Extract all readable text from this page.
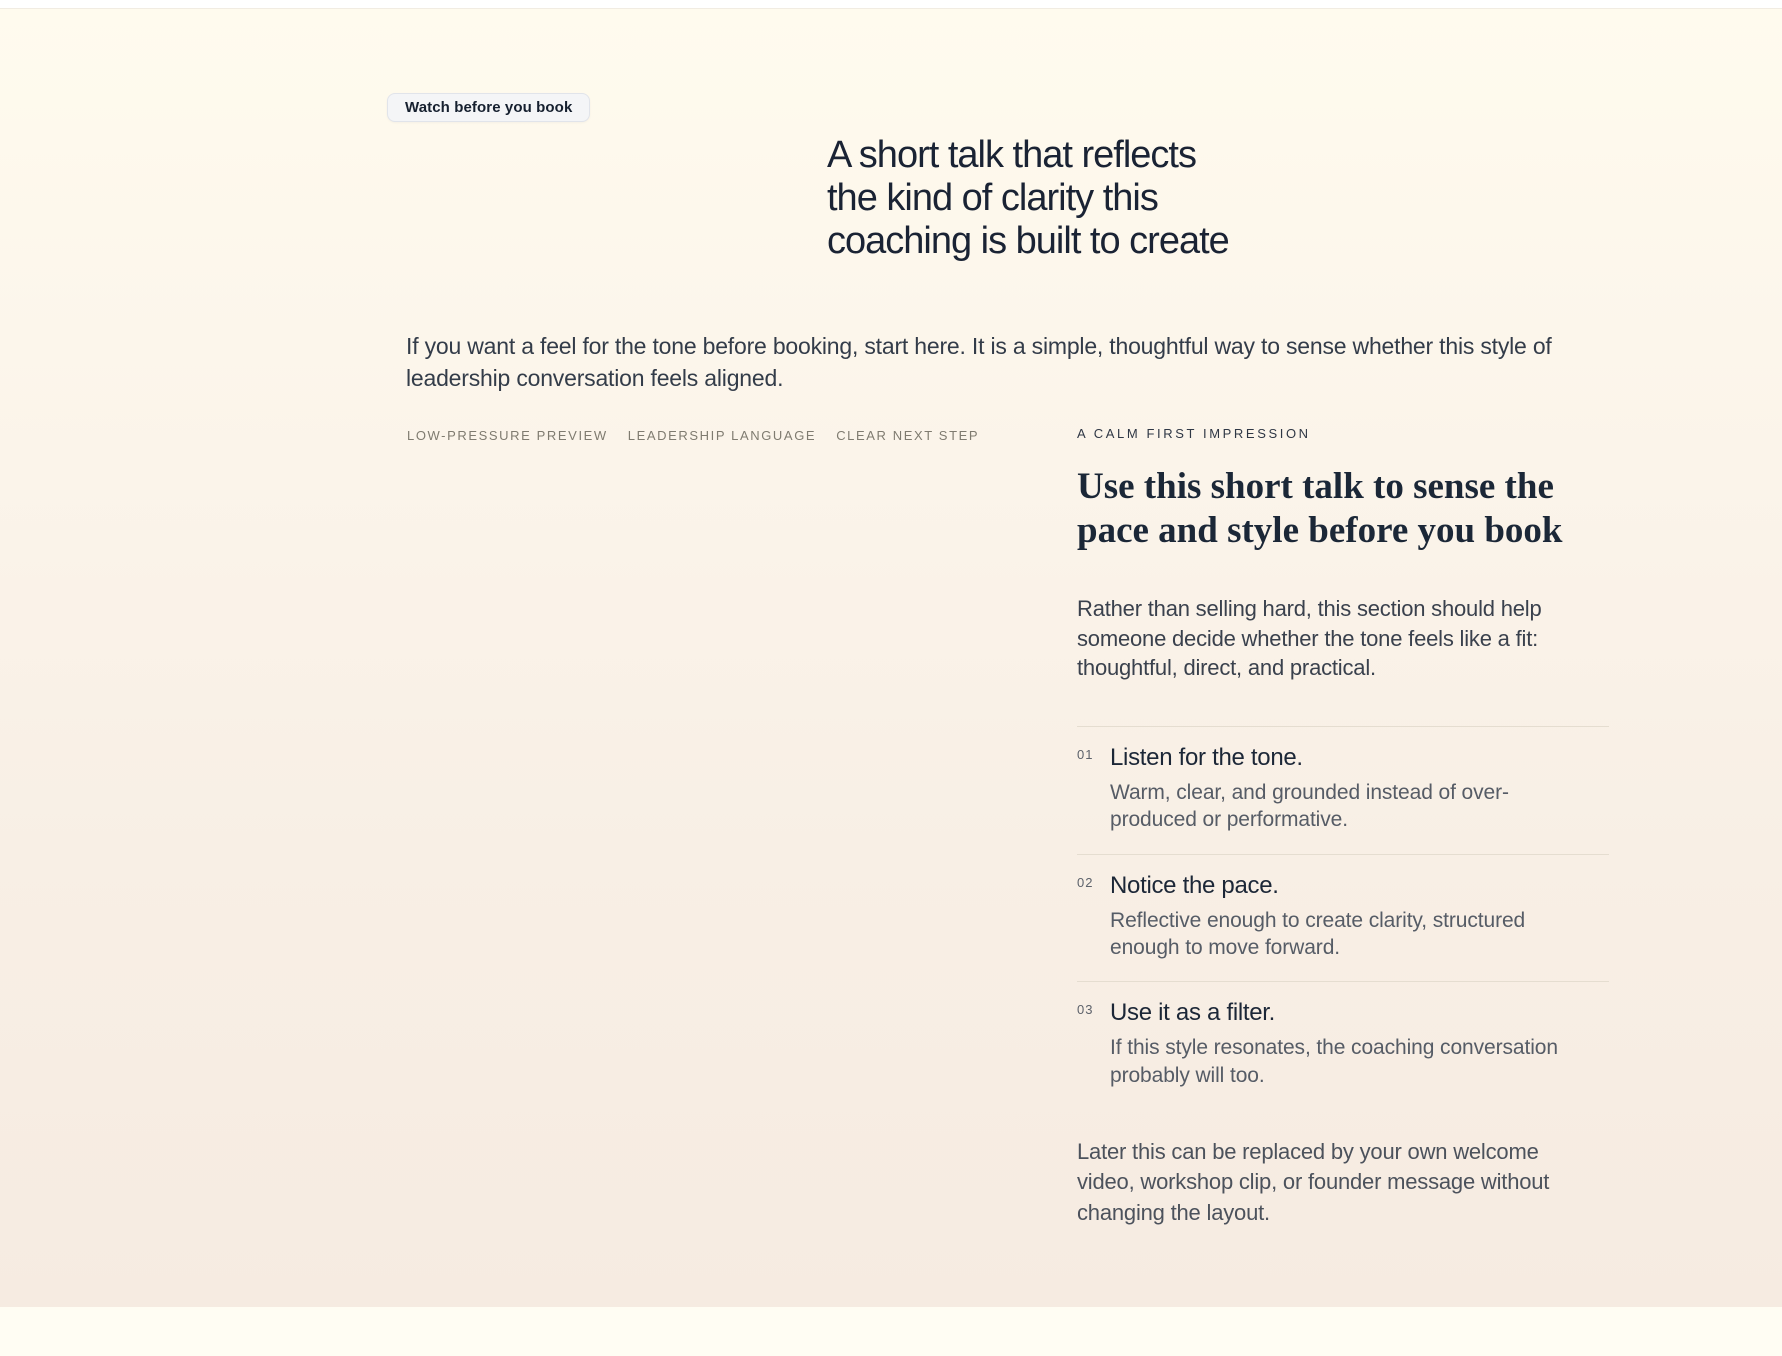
Watch before you book
A short talk that reflects the kind of clarity this coaching is built to create

If you want a feel for the tone before booking, start here. It is a simple, thoughtful way to sense whether this style of leadership conversation feels aligned.

LOW-PRESSURE PREVIEW LEADERSHIP LANGUAGE CLEAR NEXT STEP	A CALM FIRST IMPRESSION
Use this short talk to sense the pace and style before you book

Rather than selling hard, this section should help someone decide whether the tone feels like a fit: thoughtful, direct, and practical.

01 Listen for the tone.

Warm, clear, and grounded instead of over-produced or performative.

02 Notice the pace.

Reflective enough to create clarity, structured enough to move forward.

03 Use it as a filter.

If this style resonates, the coaching conversation probably will too.

Later this can be replaced by your own welcome video, workshop clip, or founder message without changing the layout.
